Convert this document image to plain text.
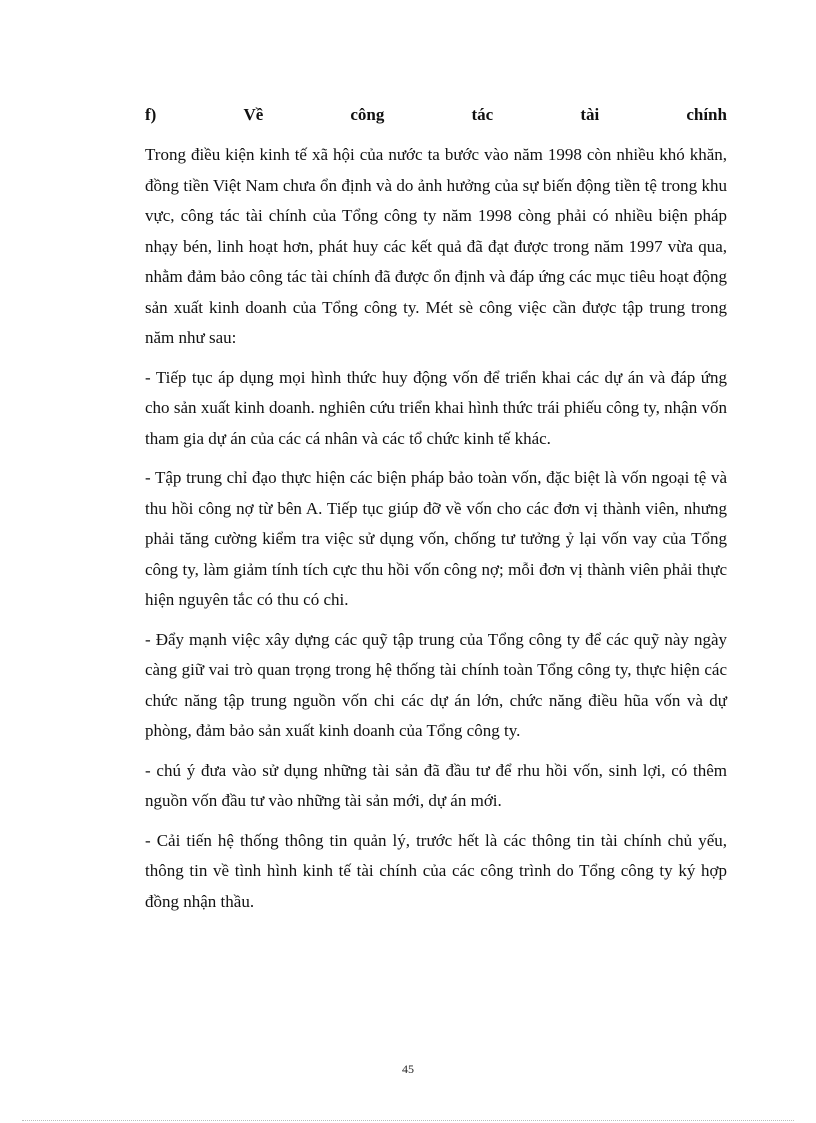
f)	Về	công	tác	tài	chính

Trong điều kiện kinh tế xã hội của nước ta bước vào năm 1998 còn nhiều khó khăn, đồng tiền Việt Nam chưa ổn định và do ảnh hưởng của sự biến động tiền tệ trong khu vực, công tác tài chính của Tổng công ty năm 1998 còng phải có nhiều biện pháp nhạy bén, linh hoạt hơn, phát huy các kết quả đã đạt được trong năm 1997 vừa qua, nhằm đảm bảo công tác tài chính đã được ổn định và đáp ứng các mục tiêu hoạt động sản xuất kinh doanh của Tổng công ty. Mét sè công việc cần được tập trung trong năm như sau:

- Tiếp tục áp dụng mọi hình thức huy động vốn để triển khai các dự án và đáp ứng cho sản xuất kinh doanh. nghiên cứu triển khai hình thức trái phiếu công ty, nhận vốn tham gia dự án của các cá nhân và các tổ chức kinh tế khác.

- Tập trung chỉ đạo thực hiện các biện pháp bảo toàn vốn, đặc biệt là vốn ngoại tệ và thu hồi công nợ từ bên A. Tiếp tục giúp đỡ về vốn cho các đơn vị thành viên, nhưng phải tăng cường kiểm tra việc sử dụng vốn, chống tư tưởng ỷ lại vốn vay của Tổng công ty, làm giảm tính tích cực thu hồi vốn công nợ; mỗi đơn vị thành viên phải thực hiện nguyên tắc có thu có chi.

- Đẩy mạnh việc xây dựng các quỹ tập trung của Tổng công ty để các quỹ này ngày càng giữ vai trò quan trọng trong hệ thống tài chính toàn Tổng công ty, thực hiện các chức năng tập trung nguồn vốn chi các dự án lớn, chức năng điều hũa vốn và dự phòng, đảm bảo sản xuất kinh doanh của Tổng công ty.

- chú ý đưa vào sử dụng những tài sản đã đầu tư để rhu hồi vốn, sinh lợi, có thêm nguồn vốn đầu tư vào những tài sản mới, dự án mới.

- Cải tiến hệ thống thông tin quản lý, trước hết là các thông tin tài chính chủ yếu, thông tin về tình hình kinh tế tài chính của các công trình do Tổng công ty ký hợp đồng nhận thầu.

45
